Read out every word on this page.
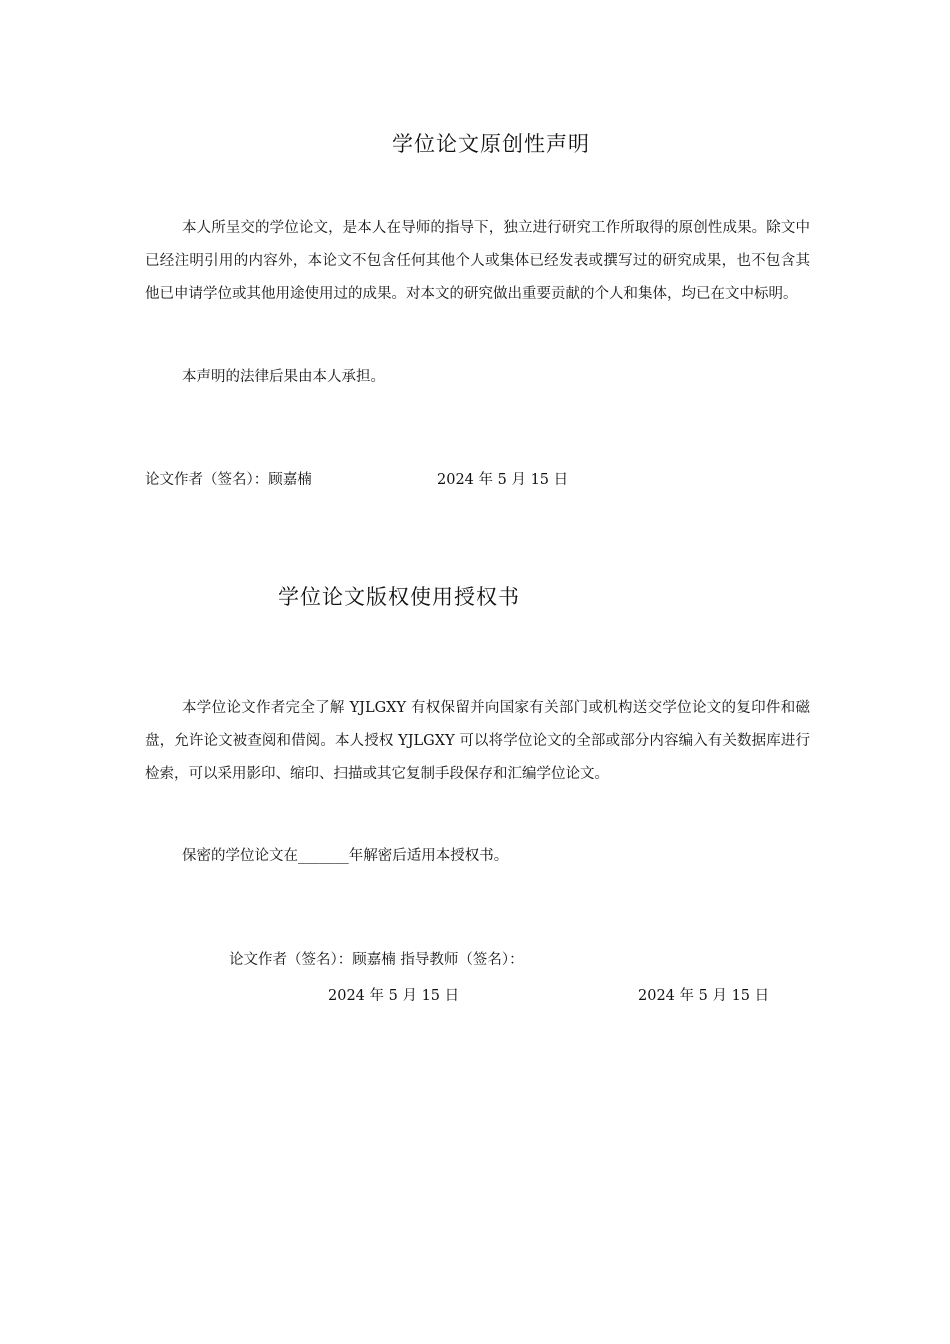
学位论文原创性声明

本人所呈交的学位论文，是本人在导师的指导下，独立进行研究工作所取得的原创性成果。除文中已经注明引用的内容外，本论文不包含任何其他个人或集体已经发表或撰写过的研究成果，也不包含其他已申请学位或其他用途使用过的成果。对本文的研究做出重要贡献的个人和集体，均已在文中标明。

本声明的法律后果由本人承担。

论文作者（签名）：顾嘉楠	2024 年 5 月 15 日
学位论文版权使用授权书

本学位论文作者完全了解 YJLGXY 有权保留并向国家有关部门或机构送交学位论文的复印件和磁盘，允许论文被查阅和借阅。本人授权 YJLGXY 可以将学位论文的全部或部分内容编入有关数据库进行检索，可以采用影印、缩印、扫描或其它复制手段保存和汇编学位论文。

保密的学位论文在_______年解密后适用本授权书。

论文作者（签名）：顾嘉楠 指导教师（签名）：
2024 年 5 月 15 日	2024 年 5 月 15 日
